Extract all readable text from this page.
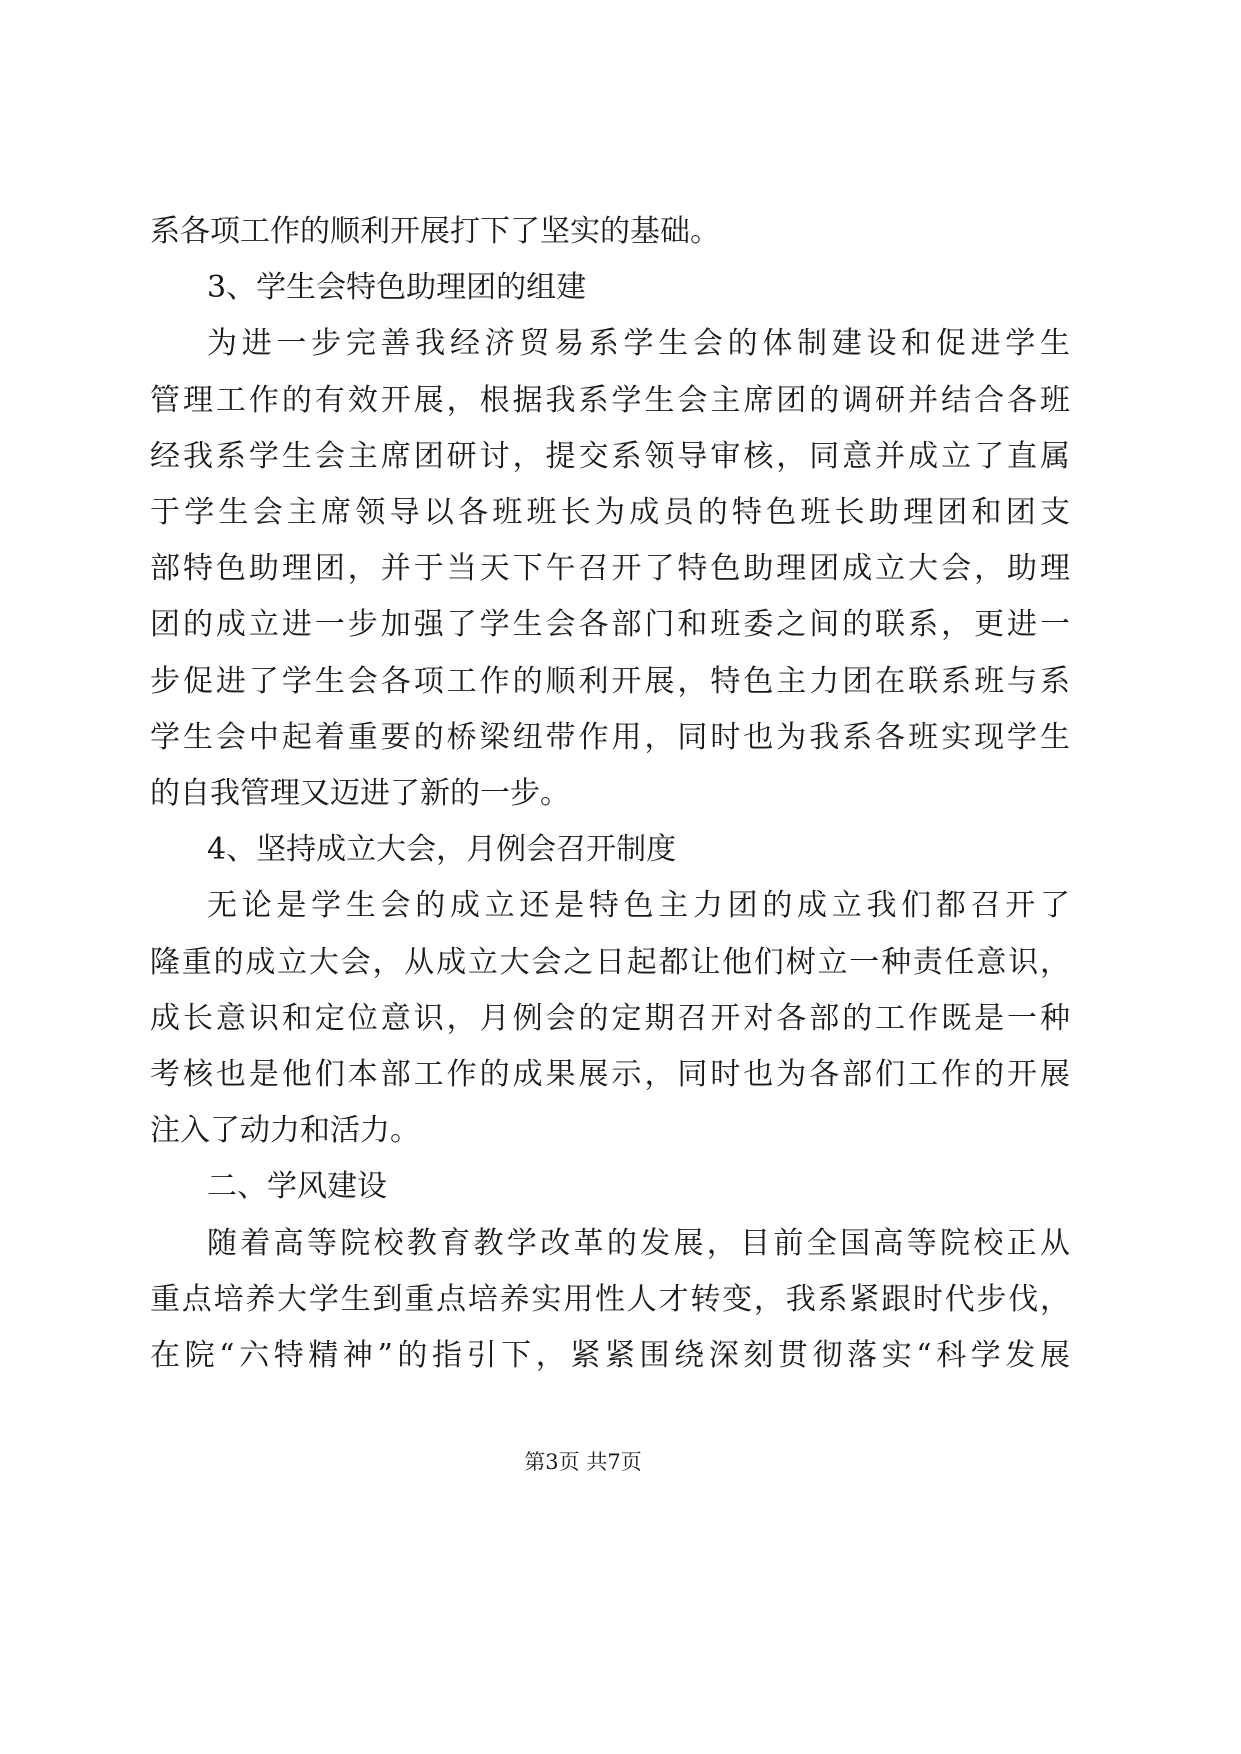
系各项工作的顺利开展打下了坚实的基础。
3、学生会特色助理团的组建
为进一步完善我经济贸易系学生会的体制建设和促进学生
管理工作的有效开展，根据我系学生会主席团的调研并结合各班
经我系学生会主席团研讨，提交系领导审核，同意并成立了直属
于学生会主席领导以各班班长为成员的特色班长助理团和团支
部特色助理团，并于当天下午召开了特色助理团成立大会，助理
团的成立进一步加强了学生会各部门和班委之间的联系，更进一
步促进了学生会各项工作的顺利开展，特色主力团在联系班与系
学生会中起着重要的桥梁纽带作用，同时也为我系各班实现学生
的自我管理又迈进了新的一步。
4、坚持成立大会，月例会召开制度
无论是学生会的成立还是特色主力团的成立我们都召开了
隆重的成立大会，从成立大会之日起都让他们树立一种责任意识，
成长意识和定位意识，月例会的定期召开对各部的工作既是一种
考核也是他们本部工作的成果展示，同时也为各部们工作的开展
注入了动力和活力。
二、学风建设
随着高等院校教育教学改革的发展，目前全国高等院校正从
重点培养大学生到重点培养实用性人才转变，我系紧跟时代步伐，
在院“六特精神”的指引下，紧紧围绕深刻贯彻落实“科学发展
第3页 共7页
